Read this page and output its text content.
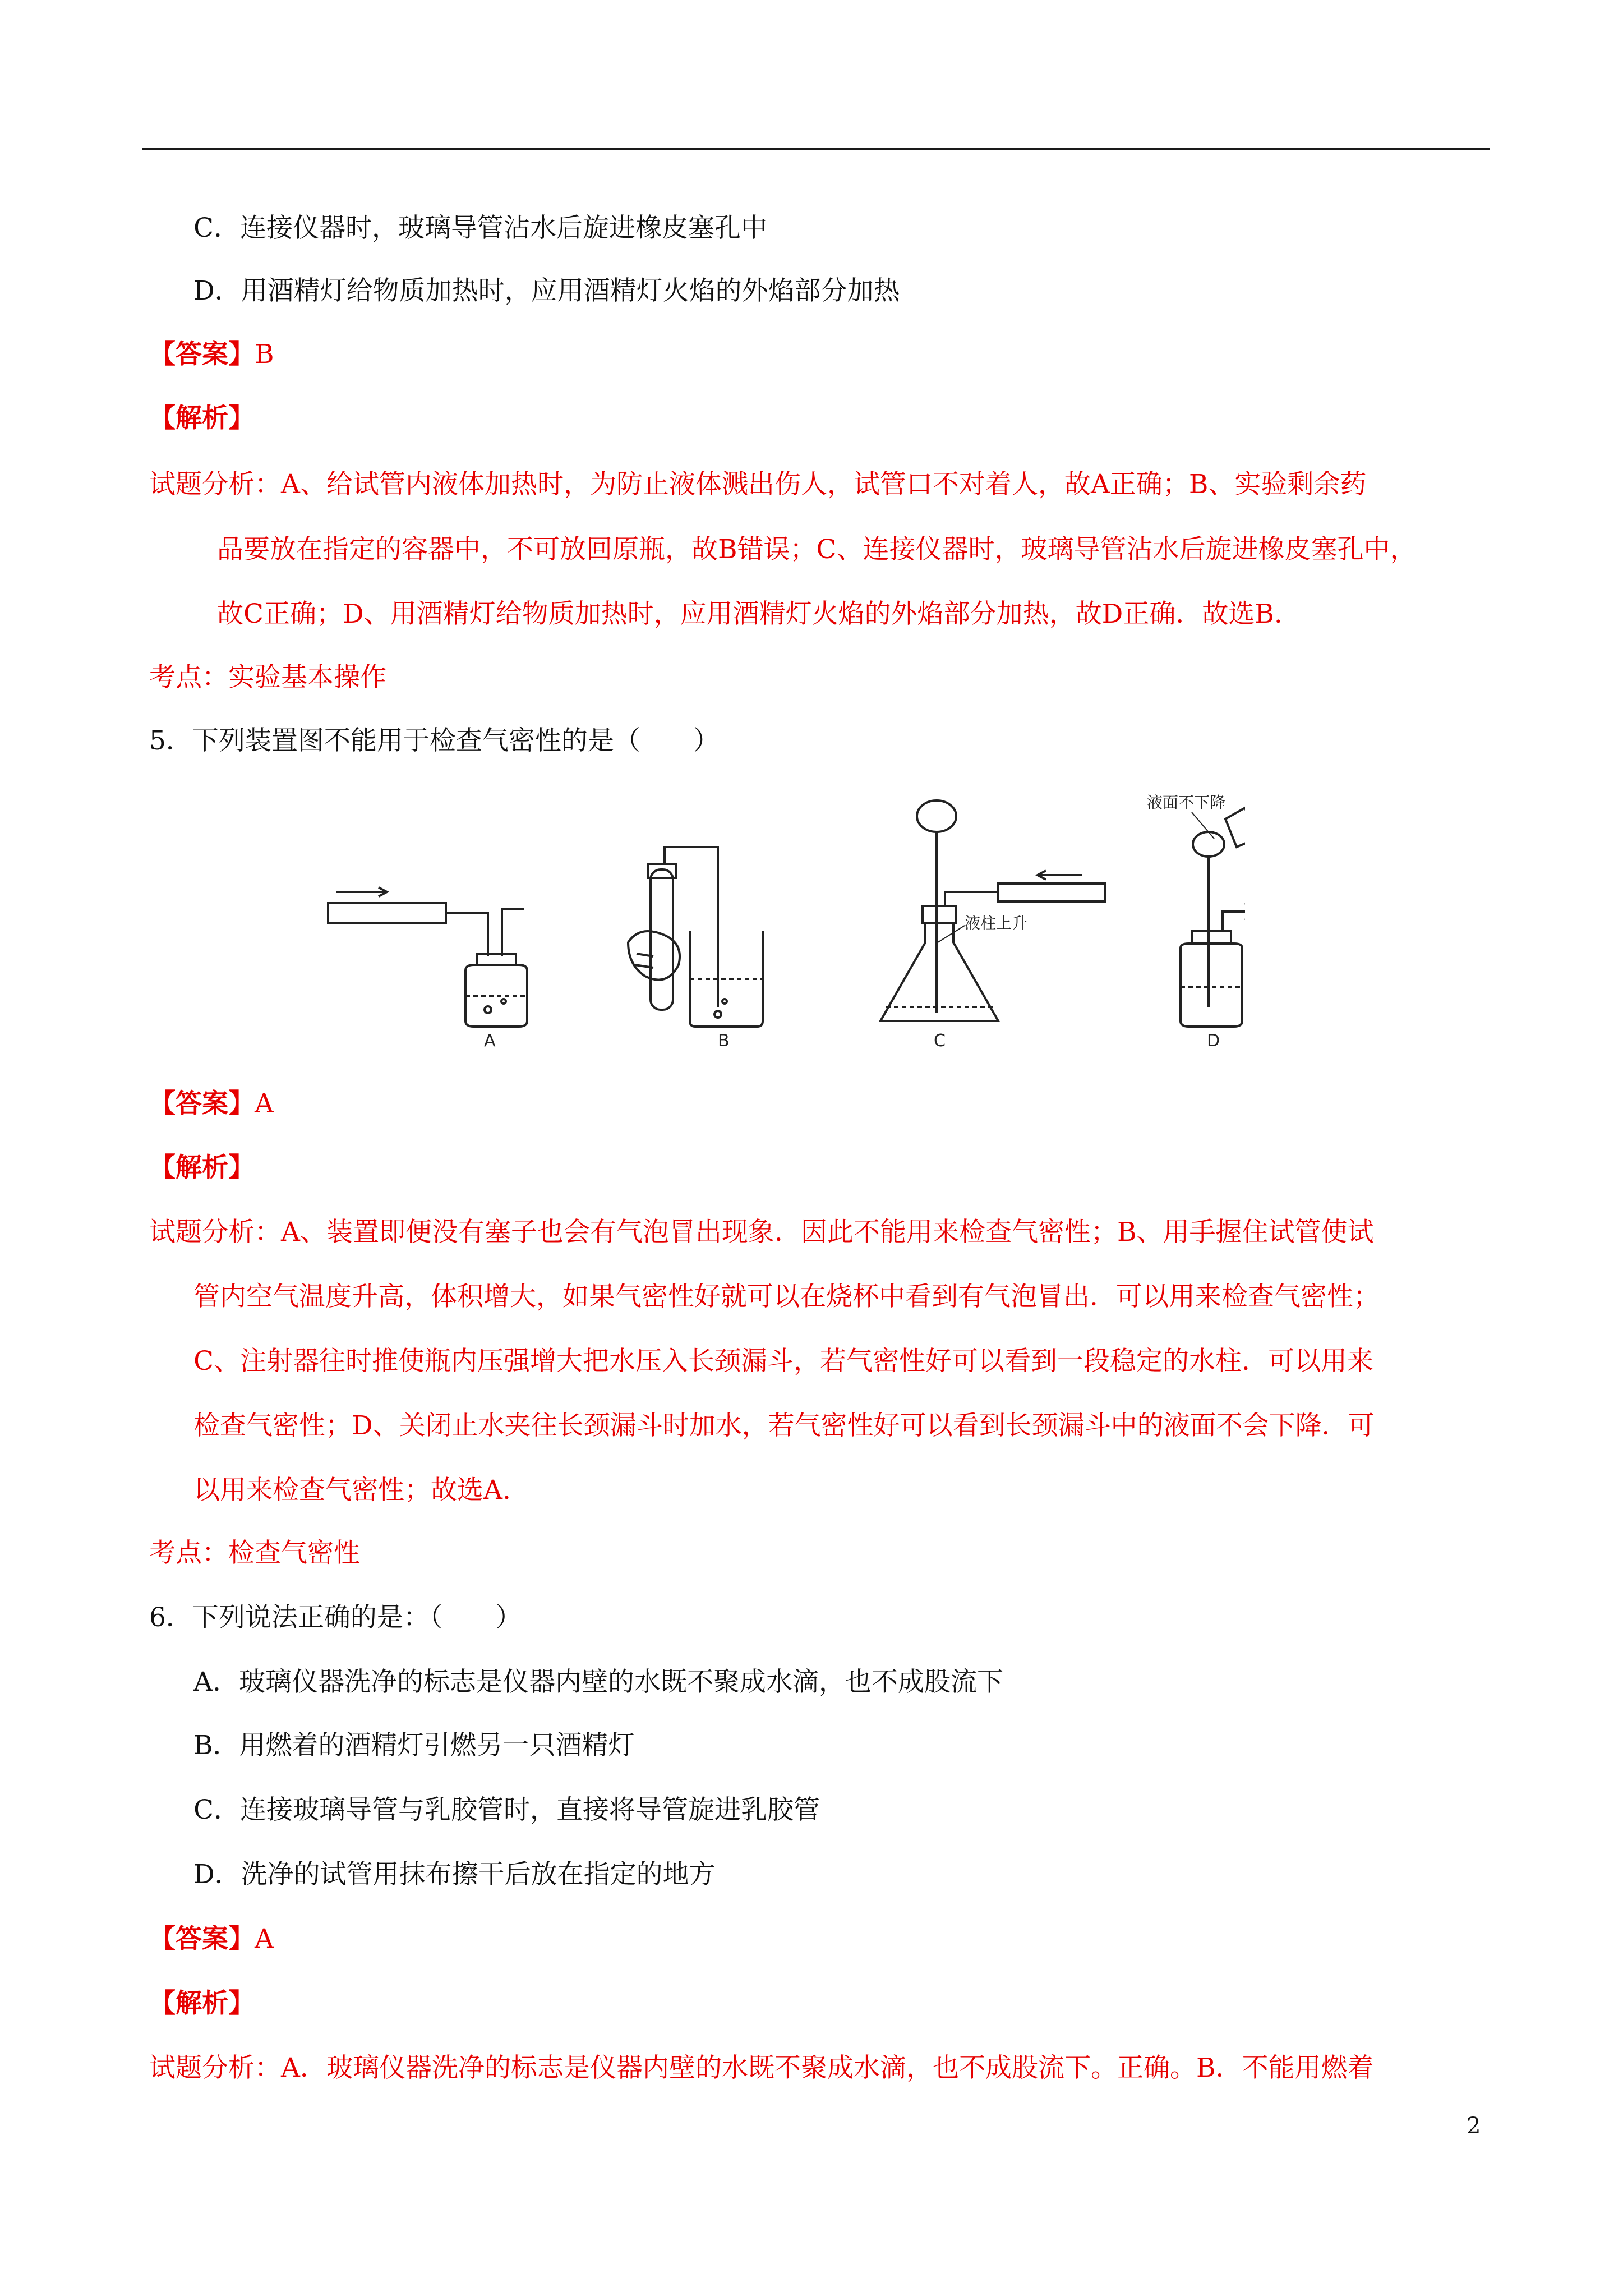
C．连接仪器时，玻璃导管沾水后旋进橡皮塞孔中
D．用酒精灯给物质加热时，应用酒精灯火焰的外焰部分加热
【答案】B
【解析】
试题分析：A、给试管内液体加热时，为防止液体溅出伤人，试管口不对着人，故A正确；B、实验剩余药
品要放在指定的容器中，不可放回原瓶，故B错误；C、连接仪器时，玻璃导管沾水后旋进橡皮塞孔中，
故C正确；D、用酒精灯给物质加热时，应用酒精灯火焰的外焰部分加热，故D正确．故选B.
考点：实验基本操作
5．下列装置图不能用于检查气密性的是（　　）
A	B
液柱上升
C
液面不下降
D
【答案】A
【解析】
试题分析：A、装置即便没有塞子也会有气泡冒出现象．因此不能用来检查气密性；B、用手握住试管使试
管内空气温度升高，体积增大，如果气密性好就可以在烧杯中看到有气泡冒出．可以用来检查气密性；
C、注射器往时推使瓶内压强增大把水压入长颈漏斗，若气密性好可以看到一段稳定的水柱．可以用来
检查气密性；D、关闭止水夹往长颈漏斗时加水，若气密性好可以看到长颈漏斗中的液面不会下降．可
以用来检查气密性；故选A.
考点：检查气密性
6．下列说法正确的是：（　　）
A．玻璃仪器洗净的标志是仪器内壁的水既不聚成水滴，也不成股流下
B．用燃着的酒精灯引燃另一只酒精灯
C．连接玻璃导管与乳胶管时，直接将导管旋进乳胶管
D．洗净的试管用抹布擦干后放在指定的地方
【答案】A
【解析】
试题分析：A．玻璃仪器洗净的标志是仪器内壁的水既不聚成水滴，也不成股流下。正确。B．不能用燃着
2
